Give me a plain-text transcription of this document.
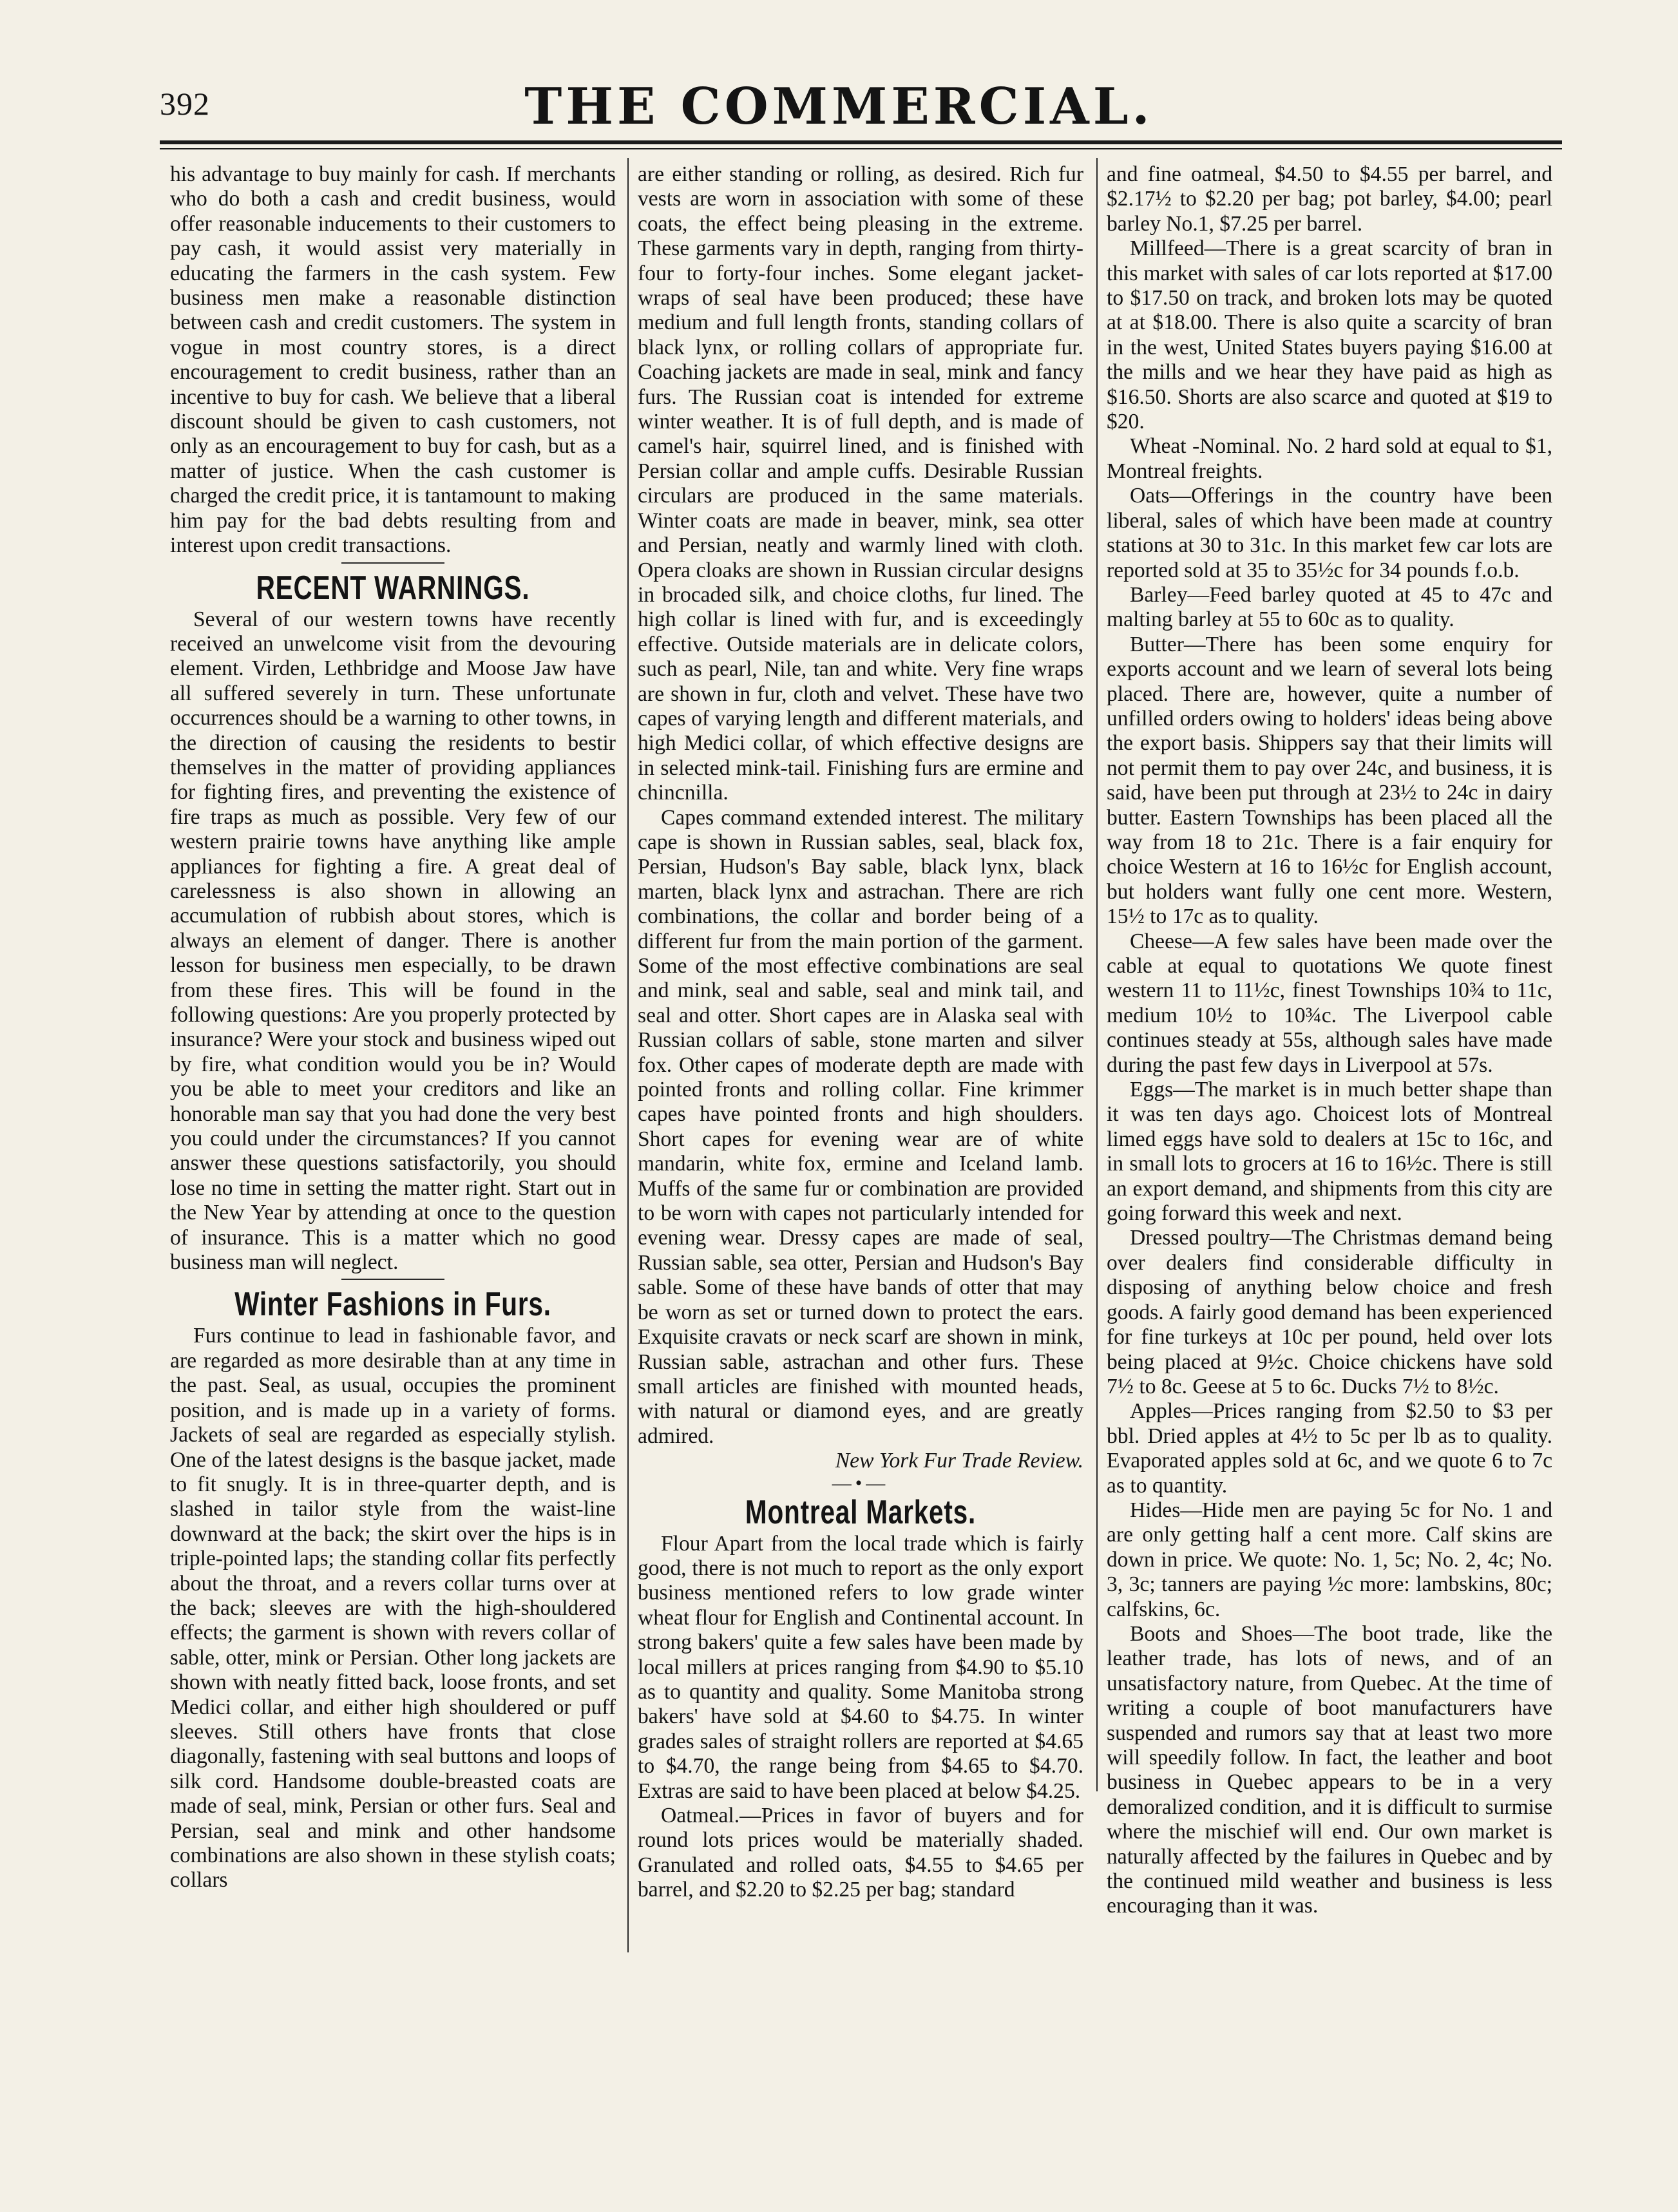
392	THE COMMERCIAL.

his advantage to buy mainly for cash. If merchants who do both a cash and credit business, would offer reasonable inducements to their customers to pay cash, it would assist very materially in educating the farmers in the cash system. Few business men make a reasonable distinction between cash and credit customers. The system in vogue in most country stores, is a direct encouragement to credit business, rather than an incentive to buy for cash. We believe that a liberal discount should be given to cash customers, not only as an encouragement to buy for cash, but as a matter of justice. When the cash customer is charged the credit price, it is tantamount to making him pay for the bad debts resulting from and interest upon credit transactions.

RECENT WARNINGS.

Several of our western towns have recently received an unwelcome visit from the devouring element. Virden, Lethbridge and Moose Jaw have all suffered severely in turn. These unfortunate occurrences should be a warning to other towns, in the direction of causing the residents to bestir themselves in the matter of providing appliances for fighting fires, and preventing the existence of fire traps as much as possible. Very few of our western prairie towns have anything like ample appliances for fighting a fire. A great deal of carelessness is also shown in allowing an accumulation of rubbish about stores, which is always an element of danger. There is another lesson for business men especially, to be drawn from these fires. This will be found in the following questions: Are you properly protected by insurance? Were your stock and business wiped out by fire, what condition would you be in? Would you be able to meet your creditors and like an honorable man say that you had done the very best you could under the circumstances? If you cannot answer these questions satisfactorily, you should lose no time in setting the matter right. Start out in the New Year by attending at once to the question of insurance. This is a matter which no good business man will neglect.

Winter Fashions in Furs.

Furs continue to lead in fashionable favor, and are regarded as more desirable than at any time in the past. Seal, as usual, occupies the prominent position, and is made up in a variety of forms. Jackets of seal are regarded as especially stylish. One of the latest designs is the basque jacket, made to fit snugly. It is in three-quarter depth, and is slashed in tailor style from the waist-line downward at the back; the skirt over the hips is in triple-pointed laps; the standing collar fits perfectly about the throat, and a revers collar turns over at the back; sleeves are with the high-shouldered effects; the garment is shown with revers collar of sable, otter, mink or Persian. Other long jackets are shown with neatly fitted back, loose fronts, and set Medici collar, and either high shouldered or puff sleeves. Still others have fronts that close diagonally, fastening with seal buttons and loops of silk cord. Handsome double-breasted coats are made of seal, mink, Persian or other furs. Seal and Persian, seal and mink and other handsome combinations are also shown in these stylish coats; collars

are either standing or rolling, as desired. Rich fur vests are worn in association with some of these coats, the effect being pleasing in the extreme. These garments vary in depth, ranging from thirty-four to forty-four inches. Some elegant jacket-wraps of seal have been produced; these have medium and full length fronts, standing collars of black lynx, or rolling collars of appropriate fur. Coaching jackets are made in seal, mink and fancy furs. The Russian coat is intended for extreme winter weather. It is of full depth, and is made of camel's hair, squirrel lined, and is finished with Persian collar and ample cuffs. Desirable Russian circulars are produced in the same materials. Winter coats are made in beaver, mink, sea otter and Persian, neatly and warmly lined with cloth. Opera cloaks are shown in Russian circular designs in brocaded silk, and choice cloths, fur lined. The high collar is lined with fur, and is exceedingly effective. Outside materials are in delicate colors, such as pearl, Nile, tan and white. Very fine wraps are shown in fur, cloth and velvet. These have two capes of varying length and different materials, and high Medici collar, of which effective designs are in selected mink-tail. Finishing furs are ermine and chincnilla.

Capes command extended interest. The military cape is shown in Russian sables, seal, black fox, Persian, Hudson's Bay sable, black lynx, black marten, black lynx and astrachan. There are rich combinations, the collar and border being of a different fur from the main portion of the garment. Some of the most effective combinations are seal and mink, seal and sable, seal and mink tail, and seal and otter. Short capes are in Alaska seal with Russian collars of sable, stone marten and silver fox. Other capes of moderate depth are made with pointed fronts and rolling collar. Fine krimmer capes have pointed fronts and high shoulders. Short capes for evening wear are of white mandarin, white fox, ermine and Iceland lamb. Muffs of the same fur or combination are provided to be worn with capes not particularly intended for evening wear. Dressy capes are made of seal, Russian sable, sea otter, Persian and Hudson's Bay sable. Some of these have bands of otter that may be worn as set or turned down to protect the ears. Exquisite cravats or neck scarf are shown in mink, Russian sable, astrachan and other furs. These small articles are finished with mounted heads, with natural or diamond eyes, and are greatly admired.

New York Fur Trade Review.

—•—
Montreal Markets.

Flour Apart from the local trade which is fairly good, there is not much to report as the only export business mentioned refers to low grade winter wheat flour for English and Continental account. In strong bakers' quite a few sales have been made by local millers at prices ranging from $4.90 to $5.10 as to quantity and quality. Some Manitoba strong bakers' have sold at $4.60 to $4.75. In winter grades sales of straight rollers are reported at $4.65 to $4.70, the range being from $4.65 to $4.70. Extras are said to have been placed at below $4.25.

Oatmeal.—Prices in favor of buyers and for round lots prices would be materially shaded. Granulated and rolled oats, $4.55 to $4.65 per barrel, and $2.20 to $2.25 per bag; standard

and fine oatmeal, $4.50 to $4.55 per barrel, and $2.17½ to $2.20 per bag; pot barley, $4.00; pearl barley No.1, $7.25 per barrel.

Millfeed—There is a great scarcity of bran in this market with sales of car lots reported at $17.00 to $17.50 on track, and broken lots may be quoted at at $18.00. There is also quite a scarcity of bran in the west, United States buyers paying $16.00 at the mills and we hear they have paid as high as $16.50. Shorts are also scarce and quoted at $19 to $20.

Wheat -Nominal. No. 2 hard sold at equal to $1, Montreal freights.

Oats—Offerings in the country have been liberal, sales of which have been made at country stations at 30 to 31c. In this market few car lots are reported sold at 35 to 35½c for 34 pounds f.o.b.

Barley—Feed barley quoted at 45 to 47c and malting barley at 55 to 60c as to quality.

Butter—There has been some enquiry for exports account and we learn of several lots being placed. There are, however, quite a number of unfilled orders owing to holders' ideas being above the export basis. Shippers say that their limits will not permit them to pay over 24c, and business, it is said, have been put through at 23½ to 24c in dairy butter. Eastern Townships has been placed all the way from 18 to 21c. There is a fair enquiry for choice Western at 16 to 16½c for English account, but holders want fully one cent more. Western, 15½ to 17c as to quality.

Cheese—A few sales have been made over the cable at equal to quotations We quote finest western 11 to 11½c, finest Townships 10¾ to 11c, medium 10½ to 10¾c. The Liverpool cable continues steady at 55s, although sales have made during the past few days in Liverpool at 57s.

Eggs—The market is in much better shape than it was ten days ago. Choicest lots of Montreal limed eggs have sold to dealers at 15c to 16c, and in small lots to grocers at 16 to 16½c. There is still an export demand, and shipments from this city are going forward this week and next.

Dressed poultry—The Christmas demand being over dealers find considerable difficulty in disposing of anything below choice and fresh goods. A fairly good demand has been experienced for fine turkeys at 10c per pound, held over lots being placed at 9½c. Choice chickens have sold 7½ to 8c. Geese at 5 to 6c. Ducks 7½ to 8½c.

Apples—Prices ranging from $2.50 to $3 per bbl. Dried apples at 4½ to 5c per lb as to quality. Evaporated apples sold at 6c, and we quote 6 to 7c as to quantity.

Hides—Hide men are paying 5c for No. 1 and are only getting half a cent more. Calf skins are down in price. We quote: No. 1, 5c; No. 2, 4c; No. 3, 3c; tanners are paying ½c more: lambskins, 80c; calfskins, 6c.

Boots and Shoes—The boot trade, like the leather trade, has lots of news, and of an unsatisfactory nature, from Quebec. At the time of writing a couple of boot manufacturers have suspended and rumors say that at least two more will speedily follow. In fact, the leather and boot business in Quebec appears to be in a very demoralized condition, and it is difficult to surmise where the mischief will end. Our own market is naturally affected by the failures in Quebec and by the continued mild weather and business is less encouraging than it was.
